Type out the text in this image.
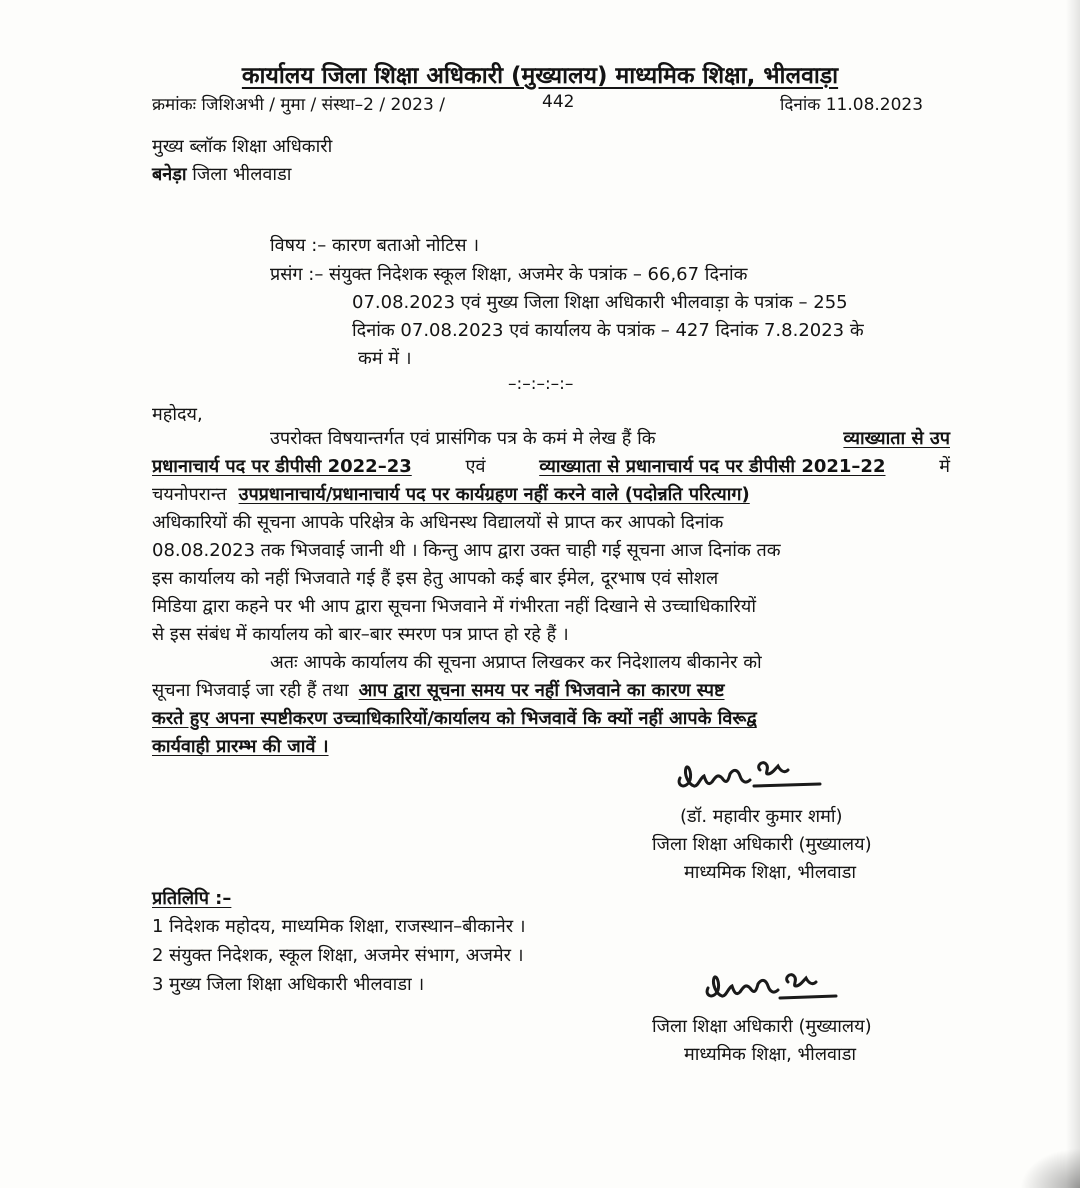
कार्यालय जिला शिक्षा अधिकारी (मुख्यालय) माध्यमिक शिक्षा, भीलवाड़ा
क्रमांकः जिशिअभी / मुमा / संस्था–2 / 2023 /	442	दिनांक 11.08.2023
मुख्य ब्लॉक शिक्षा अधिकारी
बनेड़ा जिला भीलवाडा
विषय :– कारण बताओ नोटिस ।
प्रसंग :– संयुक्त निदेशक स्कूल शिक्षा, अजमेर के पत्रांक – 66,67 दिनांक
07.08.2023 एवं मुख्य जिला शिक्षा अधिकारी भीलवाड़ा के पत्रांक – 255
दिनांक 07.08.2023 एवं कार्यालय के पत्रांक – 427 दिनांक 7.8.2023 के
कमं में ।
–:–:–:–:–
महोदय,
उपरोक्त विषयान्तर्गत एवं प्रासंगिक पत्र के कमं मे लेख हैं कि	व्याख्याता से उप
प्रधानाचार्य पद पर डीपीसी 2022–23	एवं	व्याख्याता से प्रधानाचार्य पद पर डीपीसी 2021–22	में
चयनोपरान्त उपप्रधानाचार्य/प्रधानाचार्य पद पर कार्यग्रहण नहीं करने वाले (पदोन्नति परित्याग)
अधिकारियों की सूचना आपके परिक्षेत्र के अधिनस्थ विद्यालयों से प्राप्त कर आपको दिनांक
08.08.2023 तक भिजवाई जानी थी । किन्तु आप द्वारा उक्त चाही गई सूचना आज दिनांक तक
इस कार्यालय को नहीं भिजवाते गई हैं इस हेतु आपको कई बार ईमेल, दूरभाष एवं सोशल
मिडिया द्वारा कहने पर भी आप द्वारा सूचना भिजवाने में गंभीरता नहीं दिखाने से उच्चाधिकारियों
से इस संबंध में कार्यालय को बार–बार स्मरण पत्र प्राप्त हो रहे हैं ।
अतः आपके कार्यालय की सूचना अप्राप्त लिखकर कर निदेशालय बीकानेर को
सूचना भिजवाई जा रही हैं तथा आप द्वारा सूचना समय पर नहीं भिजवाने का कारण स्पष्ट
करते हुए अपना स्पष्टीकरण उच्चाधिकारियों/कार्यालय को भिजवावें कि क्यों नहीं आपके विरूद्व
कार्यवाही प्रारम्भ की जावें ।
(डॉ. महावीर कुमार शर्मा)
जिला शिक्षा अधिकारी (मुख्यालय)
माध्यमिक शिक्षा, भीलवाडा
प्रतिलिपि :–
1 निदेशक महोदय, माध्यमिक शिक्षा, राजस्थान–बीकानेर ।
2 संयुक्त निदेशक, स्कूल शिक्षा, अजमेर संभाग, अजमेर ।
3 मुख्य जिला शिक्षा अधिकारी भीलवाडा ।
जिला शिक्षा अधिकारी (मुख्यालय)
माध्यमिक शिक्षा, भीलवाडा
